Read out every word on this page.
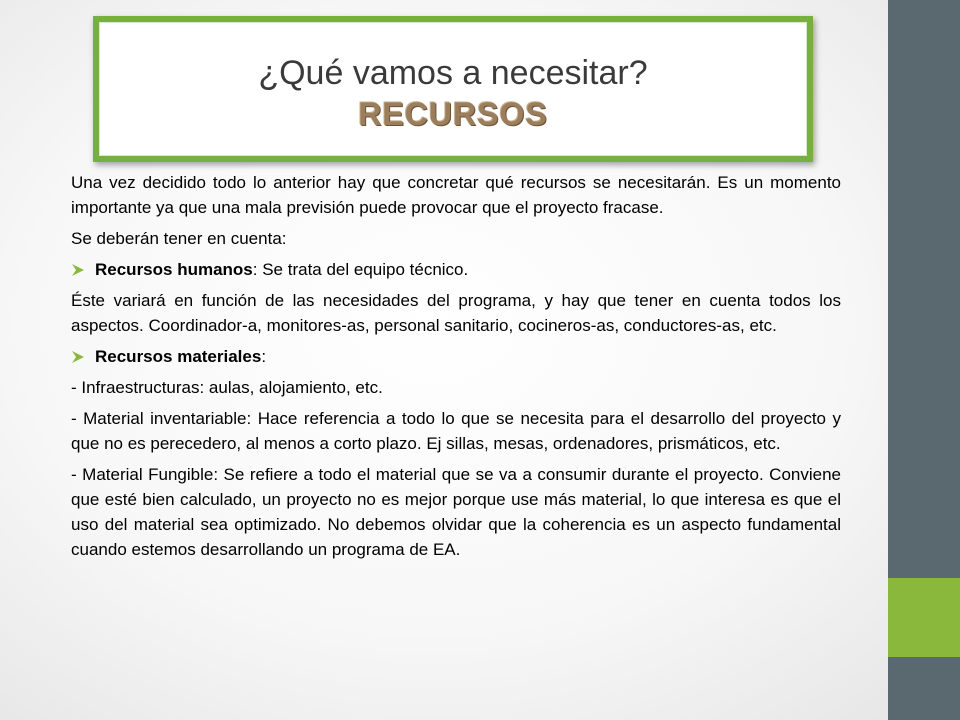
¿Qué vamos a necesitar?
RECURSOS

Una vez decidido todo lo anterior hay que concretar qué recursos se necesitarán. Es un momento importante ya que una mala previsión puede provocar que el proyecto fracase.

Se deberán tener en cuenta:

Recursos humanos: Se trata del equipo técnico.

Éste variará en función de las necesidades del programa, y hay que tener en cuenta todos los aspectos. Coordinador-a, monitores-as, personal sanitario, cocineros-as, conductores-as, etc.

Recursos materiales:

- Infraestructuras: aulas, alojamiento, etc.

- Material inventariable: Hace referencia a todo lo que se necesita para el desarrollo del proyecto y que no es perecedero, al menos a corto plazo. Ej sillas, mesas, ordenadores, prismáticos, etc.

- Material Fungible: Se refiere a todo el material que se va a consumir durante el proyecto. Conviene que esté bien calculado, un proyecto no es mejor porque use más material, lo que interesa es que el uso del material sea optimizado. No debemos olvidar que la coherencia es un aspecto fundamental cuando estemos desarrollando un programa de EA.
